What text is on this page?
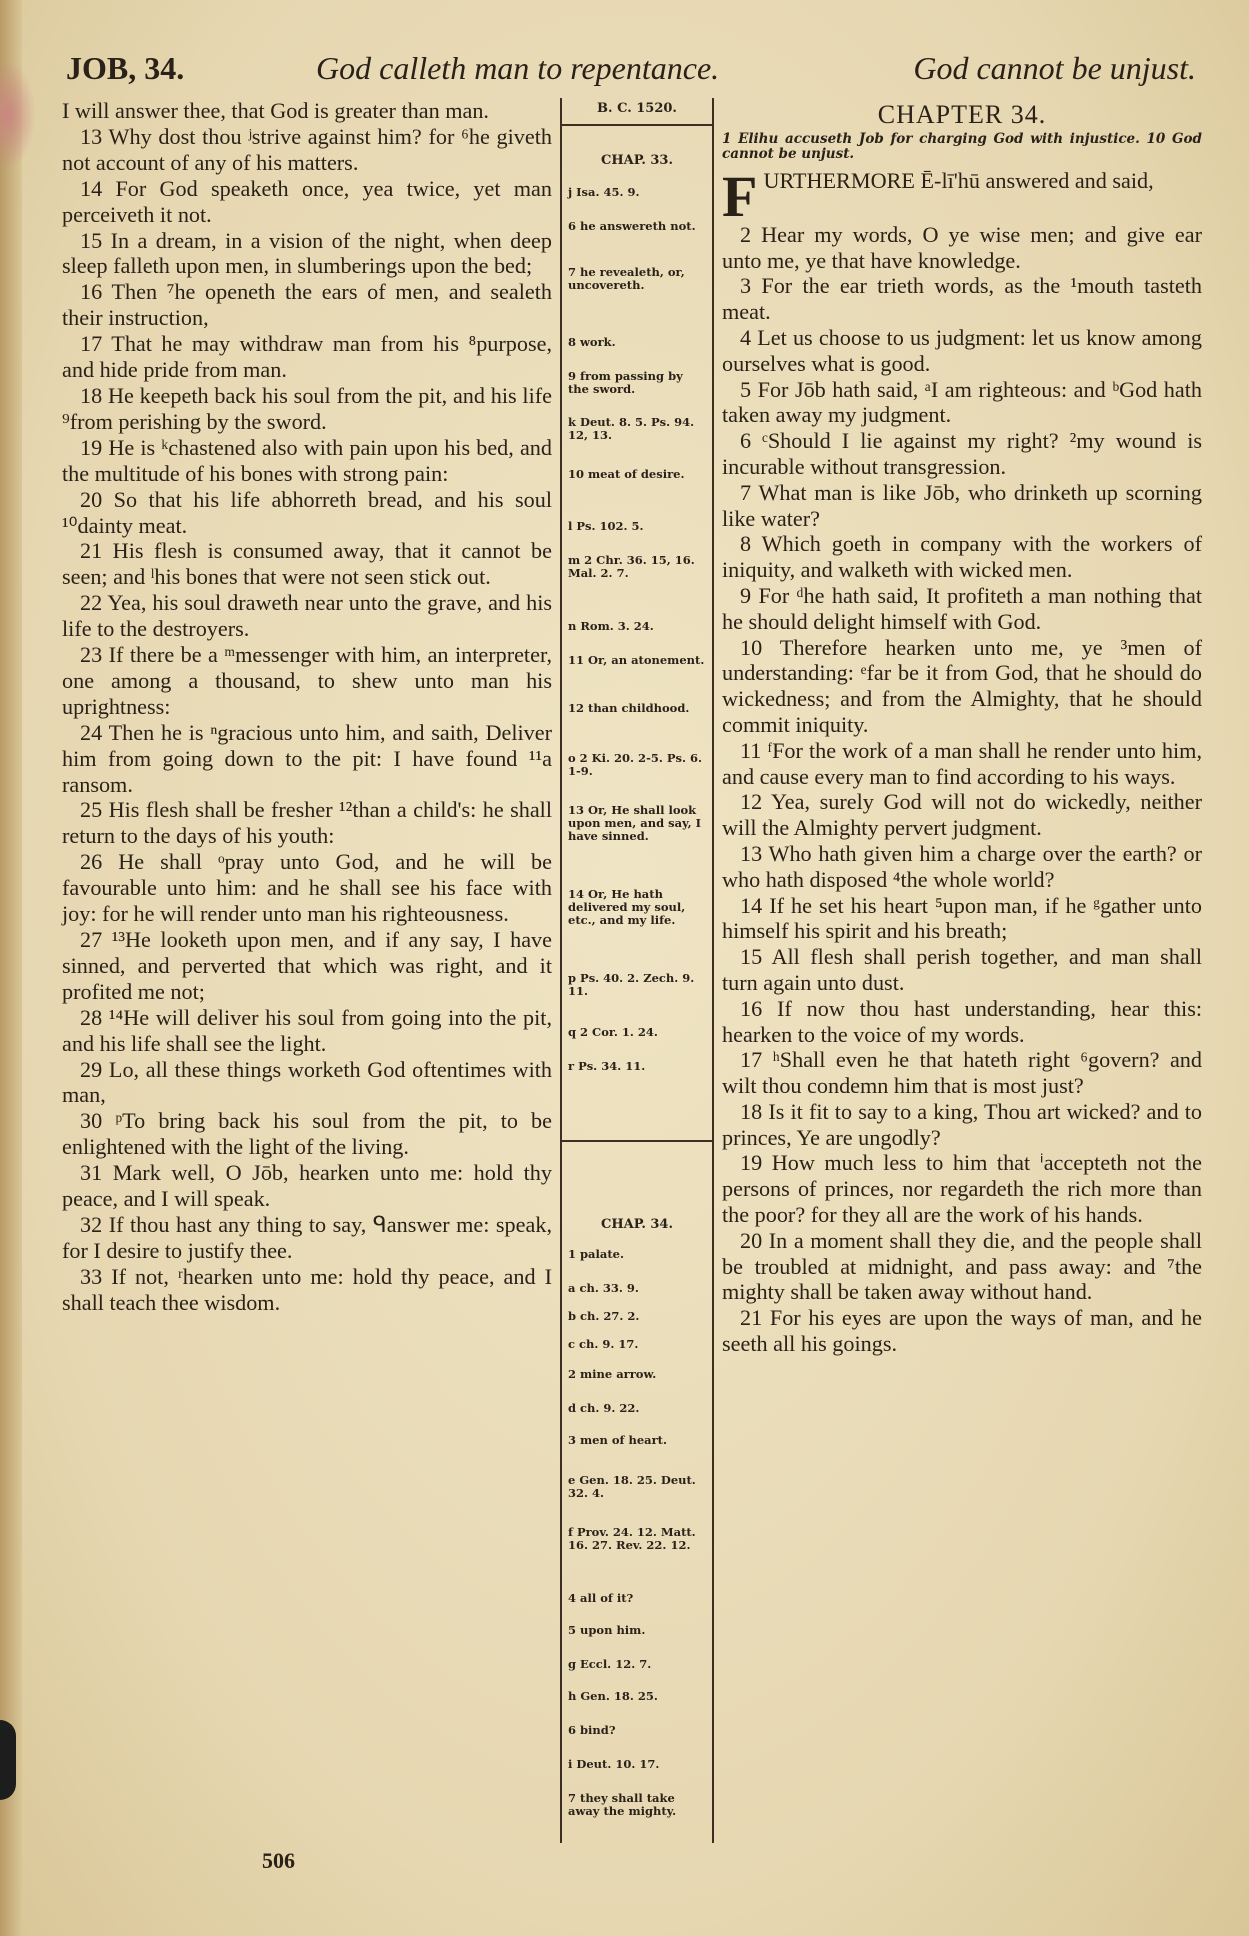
JOB, 34.	God calleth man to repentance.	God cannot be unjust.

I will answer thee, that God is greater than man.

13 Why dost thou ʲstrive against him? for ⁶he giveth not account of any of his matters.

14 For God speaketh once, yea twice, yet man perceiveth it not.

15 In a dream, in a vision of the night, when deep sleep falleth upon men, in slumberings upon the bed;

16 Then ⁷he openeth the ears of men, and sealeth their instruction,

17 That he may withdraw man from his ⁸purpose, and hide pride from man.

18 He keepeth back his soul from the pit, and his life ⁹from perishing by the sword.

19 He is ᵏchastened also with pain upon his bed, and the multitude of his bones with strong pain:

20 So that his life abhorreth bread, and his soul ¹⁰dainty meat.

21 His flesh is consumed away, that it cannot be seen; and ˡhis bones that were not seen stick out.

22 Yea, his soul draweth near unto the grave, and his life to the destroyers.

23 If there be a ᵐmessenger with him, an interpreter, one among a thousand, to shew unto man his uprightness:

24 Then he is ⁿgracious unto him, and saith, Deliver him from going down to the pit: I have found ¹¹a ransom.

25 His flesh shall be fresher ¹²than a child's: he shall return to the days of his youth:

26 He shall ᵒpray unto God, and he will be favourable unto him: and he shall see his face with joy: for he will render unto man his righteousness.

27 ¹³He looketh upon men, and if any say, I have sinned, and perverted that which was right, and it profited me not;

28 ¹⁴He will deliver his soul from going into the pit, and his life shall see the light.

29 Lo, all these things worketh God oftentimes with man,

30 ᵖTo bring back his soul from the pit, to be enlightened with the light of the living.

31 Mark well, O Jōb, hearken unto me: hold thy peace, and I will speak.

32 If thou hast any thing to say, ᑫanswer me: speak, for I desire to justify thee.

33 If not, ʳhearken unto me: hold thy peace, and I shall teach thee wisdom.

B. C. 1520.
CHAP. 33.
j Isa. 45. 9.
6 he answereth not.
7 he revealeth, or, uncovereth.
8 work.
9 from passing by the sword.
k Deut. 8. 5. Ps. 94. 12, 13.
10 meat of desire.
l Ps. 102. 5.
m 2 Chr. 36. 15, 16. Mal. 2. 7.
n Rom. 3. 24.
11 Or, an atonement.
12 than childhood.
o 2 Ki. 20. 2-5. Ps. 6. 1-9.
13 Or, He shall look upon men, and say, I have sinned.
14 Or, He hath delivered my soul, etc., and my life.
p Ps. 40. 2. Zech. 9. 11.
q 2 Cor. 1. 24.
r Ps. 34. 11.
CHAP. 34.
1 palate.
a ch. 33. 9.
b ch. 27. 2.
c ch. 9. 17.
2 mine arrow.
d ch. 9. 22.
3 men of heart.
e Gen. 18. 25. Deut. 32. 4.
f Prov. 24. 12. Matt. 16. 27. Rev. 22. 12.
4 all of it?
5 upon him.
g Eccl. 12. 7.
h Gen. 18. 25.
6 bind?
i Deut. 10. 17.
7 they shall take away the mighty.
CHAPTER 34.

1 Elihu accuseth Job for charging God with injustice. 10 God cannot be unjust.

F URTHERMORE Ē-lī'hū answered and said,

2 Hear my words, O ye wise men; and give ear unto me, ye that have knowledge.

3 For the ear trieth words, as the ¹mouth tasteth meat.

4 Let us choose to us judgment: let us know among ourselves what is good.

5 For Jōb hath said, ᵃI am righteous: and ᵇGod hath taken away my judgment.

6 ᶜShould I lie against my right? ²my wound is incurable without transgression.

7 What man is like Jōb, who drinketh up scorning like water?

8 Which goeth in company with the workers of iniquity, and walketh with wicked men.

9 For ᵈhe hath said, It profiteth a man nothing that he should delight himself with God.

10 Therefore hearken unto me, ye ³men of understanding: ᵉfar be it from God, that he should do wickedness; and from the Almighty, that he should commit iniquity.

11 ᶠFor the work of a man shall he render unto him, and cause every man to find according to his ways.

12 Yea, surely God will not do wickedly, neither will the Almighty pervert judgment.

13 Who hath given him a charge over the earth? or who hath disposed ⁴the whole world?

14 If he set his heart ⁵upon man, if he ᵍgather unto himself his spirit and his breath;

15 All flesh shall perish together, and man shall turn again unto dust.

16 If now thou hast understanding, hear this: hearken to the voice of my words.

17 ʰShall even he that hateth right ⁶govern? and wilt thou condemn him that is most just?

18 Is it fit to say to a king, Thou art wicked? and to princes, Ye are ungodly?

19 How much less to him that ⁱaccepteth not the persons of princes, nor regardeth the rich more than the poor? for they all are the work of his hands.

20 In a moment shall they die, and the people shall be troubled at midnight, and pass away: and ⁷the mighty shall be taken away without hand.

21 For his eyes are upon the ways of man, and he seeth all his goings.

506
